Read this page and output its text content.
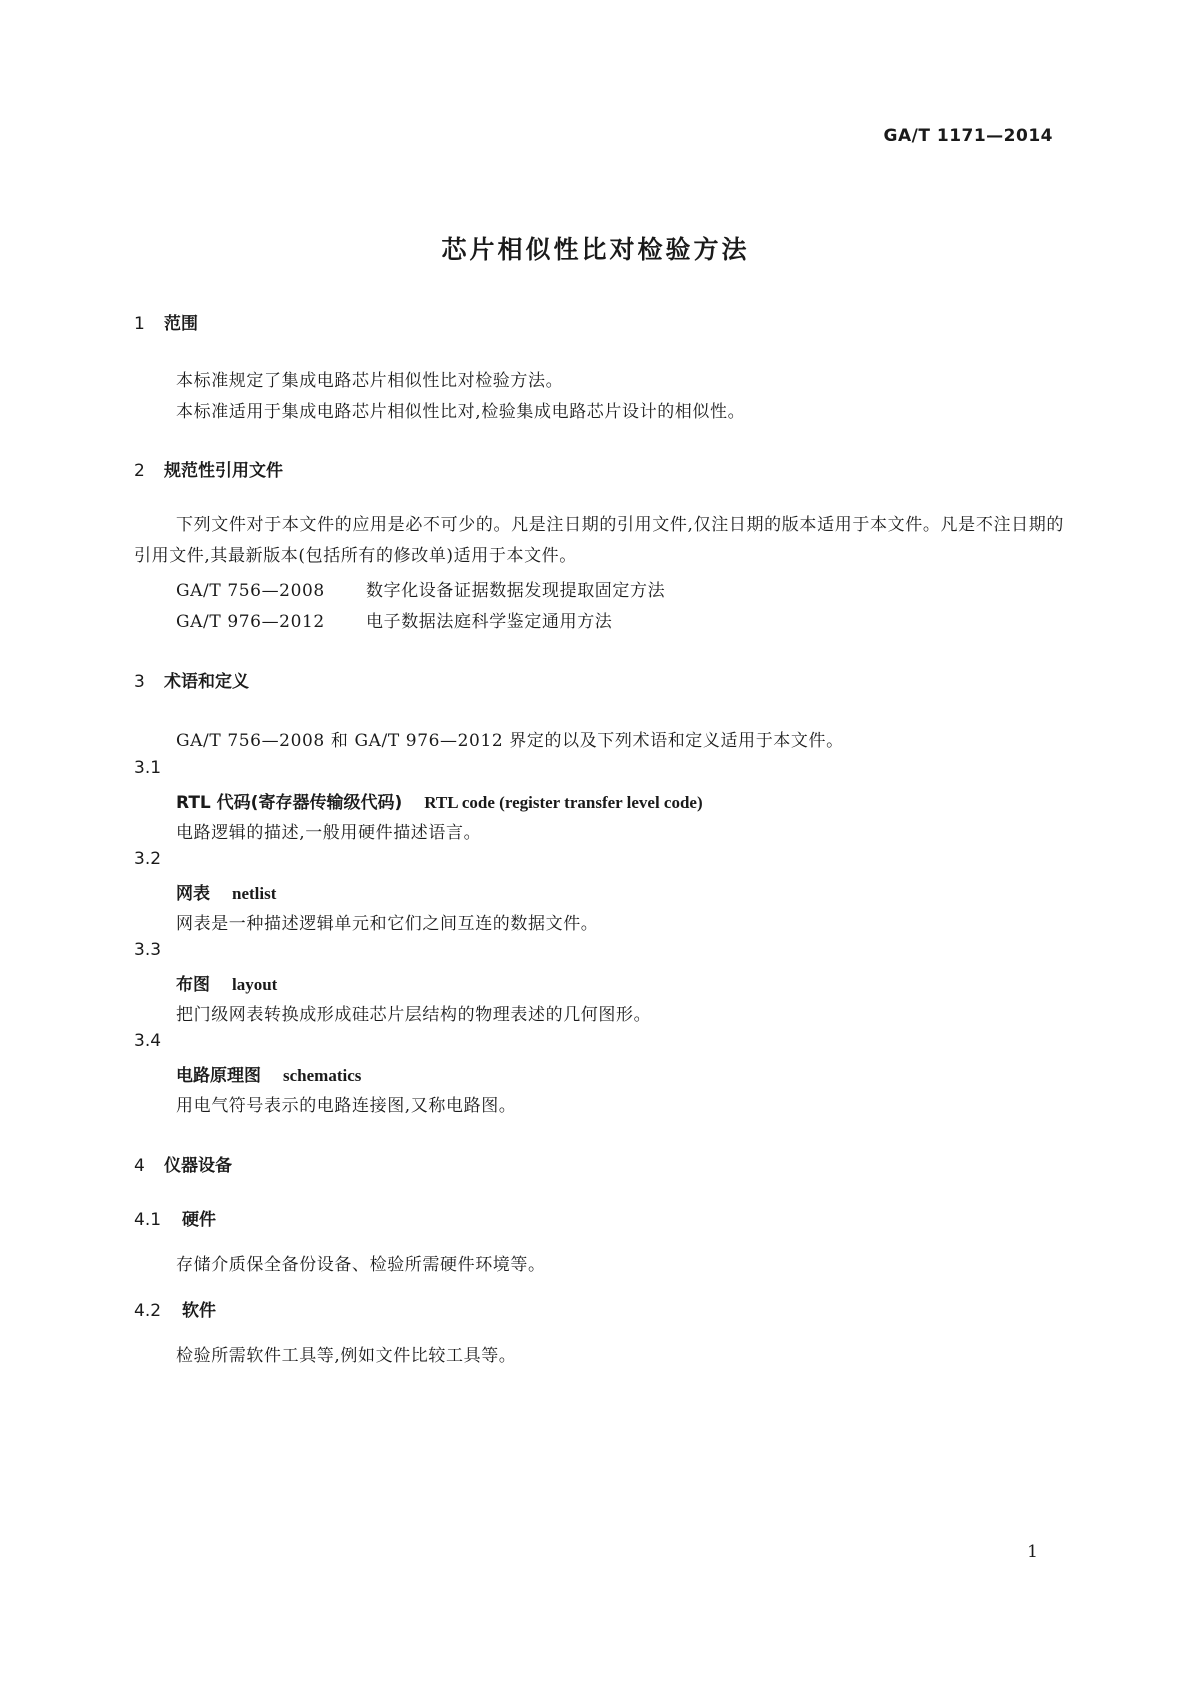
GA/T 1171—2014
芯片相似性比对检验方法
1 范围
本标准规定了集成电路芯片相似性比对检验方法。
本标准适用于集成电路芯片相似性比对,检验集成电路芯片设计的相似性。
2 规范性引用文件
下列文件对于本文件的应用是必不可少的。凡是注日期的引用文件,仅注日期的版本适用于本文件。凡是不注日期的引用文件,其最新版本(包括所有的修改单)适用于本文件。
GA/T 756—2008 数字化设备证据数据发现提取固定方法
GA/T 976—2012 电子数据法庭科学鉴定通用方法
3 术语和定义
GA/T 756—2008 和 GA/T 976—2012 界定的以及下列术语和定义适用于本文件。
3.1
RTL 代码(寄存器传输级代码) RTL code (register transfer level code)
电路逻辑的描述,一般用硬件描述语言。
3.2
网表 netlist
网表是一种描述逻辑单元和它们之间互连的数据文件。
3.3
布图 layout
把门级网表转换成形成硅芯片层结构的物理表述的几何图形。
3.4
电路原理图 schematics
用电气符号表示的电路连接图,又称电路图。
4 仪器设备
4.1 硬件
存储介质保全备份设备、检验所需硬件环境等。
4.2 软件
检验所需软件工具等,例如文件比较工具等。
1
